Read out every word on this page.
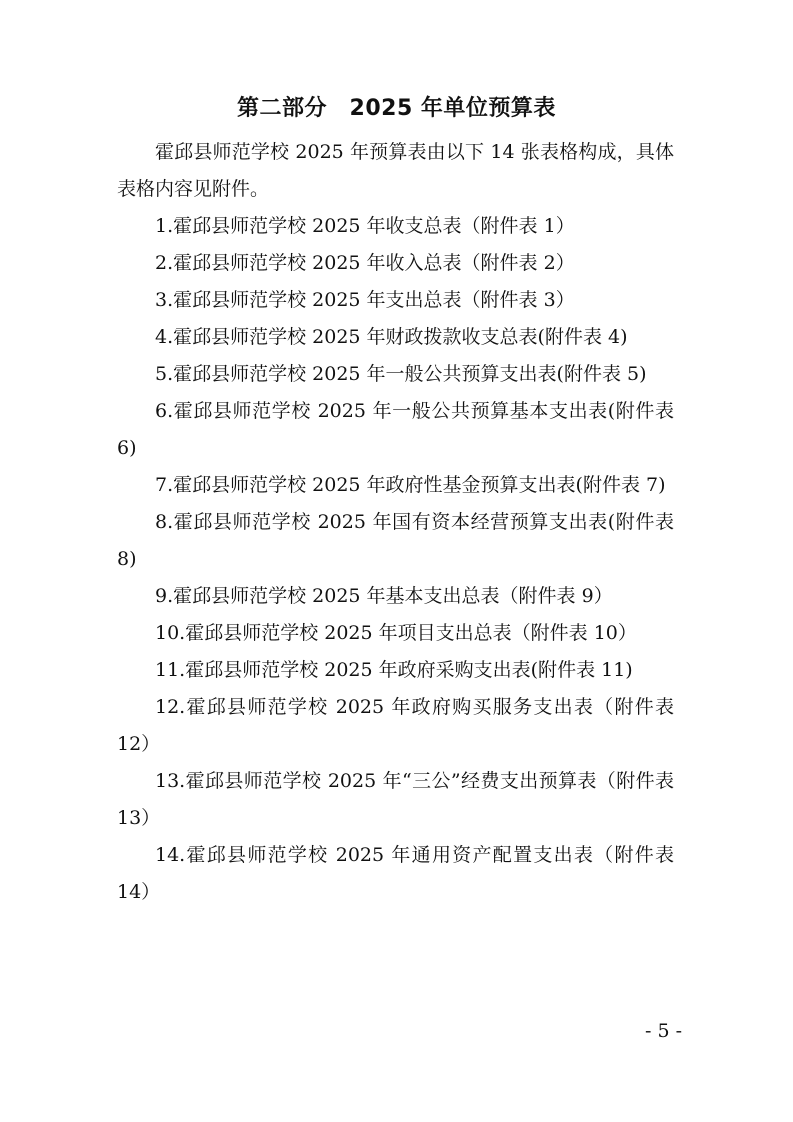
第二部分　2025 年单位预算表

霍邱县师范学校 2025 年预算表由以下 14 张表格构成，具体表格内容见附件。

1.霍邱县师范学校 2025 年收支总表（附件表 1）

2.霍邱县师范学校 2025 年收入总表（附件表 2）

3.霍邱县师范学校 2025 年支出总表（附件表 3）

4.霍邱县师范学校 2025 年财政拨款收支总表(附件表 4)

5.霍邱县师范学校 2025 年一般公共预算支出表(附件表 5)

6.霍邱县师范学校 2025 年一般公共预算基本支出表(附件表 6)

7.霍邱县师范学校 2025 年政府性基金预算支出表(附件表 7)

8.霍邱县师范学校 2025 年国有资本经营预算支出表(附件表 8)

9.霍邱县师范学校 2025 年基本支出总表（附件表 9）

10.霍邱县师范学校 2025 年项目支出总表（附件表 10）

11.霍邱县师范学校 2025 年政府采购支出表(附件表 11)

12.霍邱县师范学校 2025 年政府购买服务支出表（附件表 12）

13.霍邱县师范学校 2025 年“三公”经费支出预算表（附件表 13）

14.霍邱县师范学校 2025 年通用资产配置支出表（附件表 14）

- 5 -
